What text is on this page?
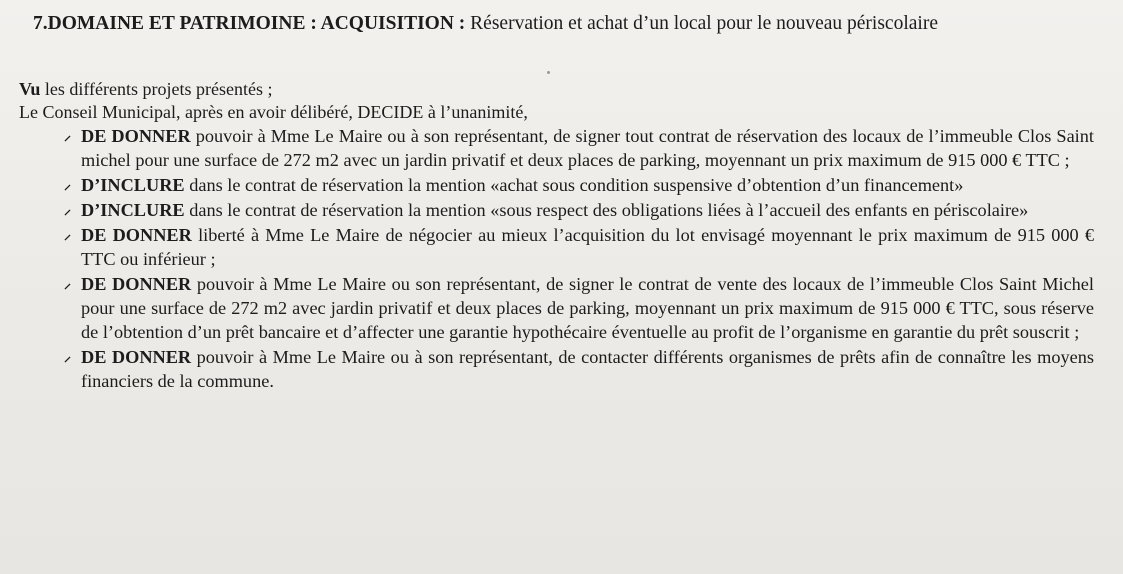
7.DOMAINE ET PATRIMOINE : ACQUISITION : Réservation et achat d’un local pour le nouveau périscolaire
Vu les différents projets présentés ;
Le Conseil Municipal, après en avoir délibéré, DECIDE à l’unanimité,
⸝ DE DONNER pouvoir à Mme Le Maire ou à son représentant, de signer tout contrat de réservation des locaux de l’immeuble Clos Saint michel pour une surface de 272 m2 avec un jardin privatif et deux places de parking, moyennant un prix maximum de 915 000 € TTC ;
⸝ D’INCLURE dans le contrat de réservation la mention «achat sous condition suspensive d’obtention d’un financement»
⸝ D’INCLURE dans le contrat de réservation la mention «sous respect des obligations liées à l’accueil des enfants en périscolaire»
⸝ DE DONNER liberté à Mme Le Maire de négocier au mieux l’acquisition du lot envisagé moyennant le prix maximum de 915 000 € TTC ou inférieur ;
⸝ DE DONNER pouvoir à Mme Le Maire ou son représentant, de signer le contrat de vente des locaux de l’immeuble Clos Saint Michel pour une surface de 272 m2 avec jardin privatif et deux places de parking, moyennant un prix maximum de 915 000 € TTC, sous réserve de l’obtention d’un prêt bancaire et d’affecter une garantie hypothécaire éventuelle au profit de l’organisme en garantie du prêt souscrit ;
⸝ DE DONNER pouvoir à Mme Le Maire ou à son représentant, de contacter différents organismes de prêts afin de connaître les moyens financiers de la commune.
